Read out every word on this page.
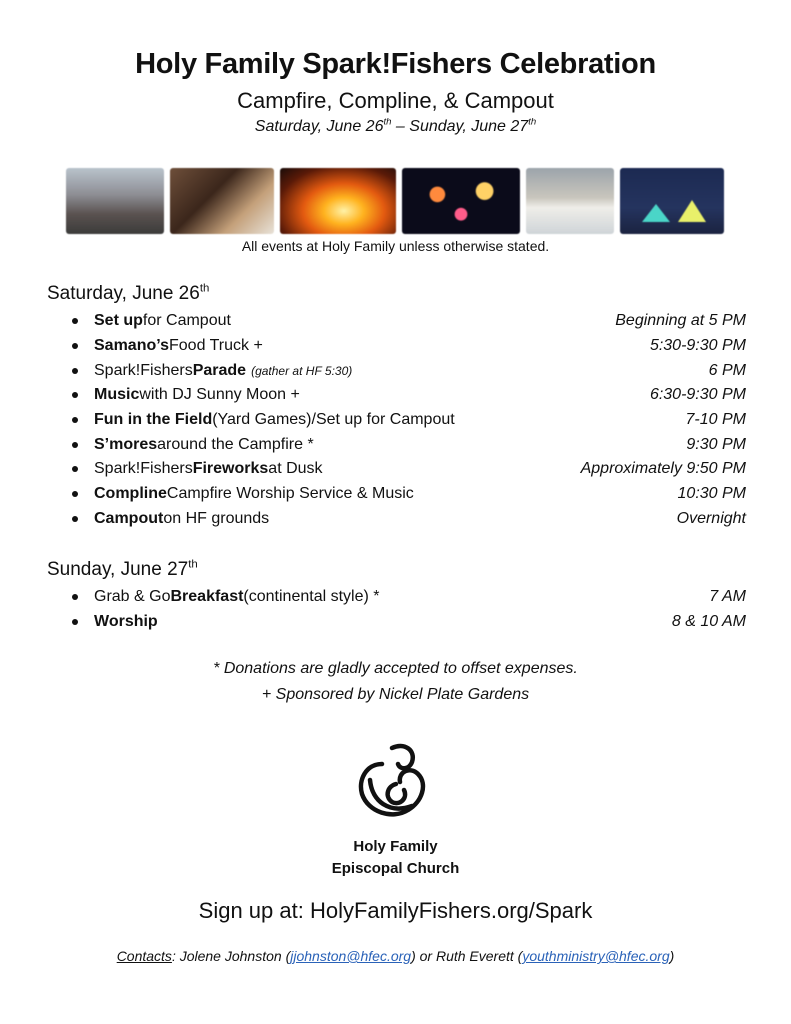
Holy Family Spark!Fishers Celebration
Campfire, Compline, & Campout
Saturday, June 26th – Sunday, June 27th
All events at Holy Family unless otherwise stated.
Saturday, June 26th
Set up for Campout	Beginning at 5 PM
Samano’s Food Truck +	5:30-9:30 PM
Spark!Fishers Parade (gather at HF 5:30)	6 PM
Music with DJ Sunny Moon +	6:30-9:30 PM
Fun in the Field (Yard Games)/Set up for Campout	7-10 PM
S’mores around the Campfire *	9:30 PM
Spark!Fishers Fireworks at Dusk	Approximately 9:50 PM
Compline Campfire Worship Service & Music	10:30 PM
Campout on HF grounds	Overnight
Sunday, June 27th
Grab & Go Breakfast (continental style) *	7 AM
Worship	8 & 10 AM
* Donations are gladly accepted to offset expenses.
+ Sponsored by Nickel Plate Gardens
Holy Family
Episcopal Church
Sign up at: HolyFamilyFishers.org/Spark
Contacts: Jolene Johnston (jjohnston@hfec.org) or Ruth Everett (youthministry@hfec.org)
